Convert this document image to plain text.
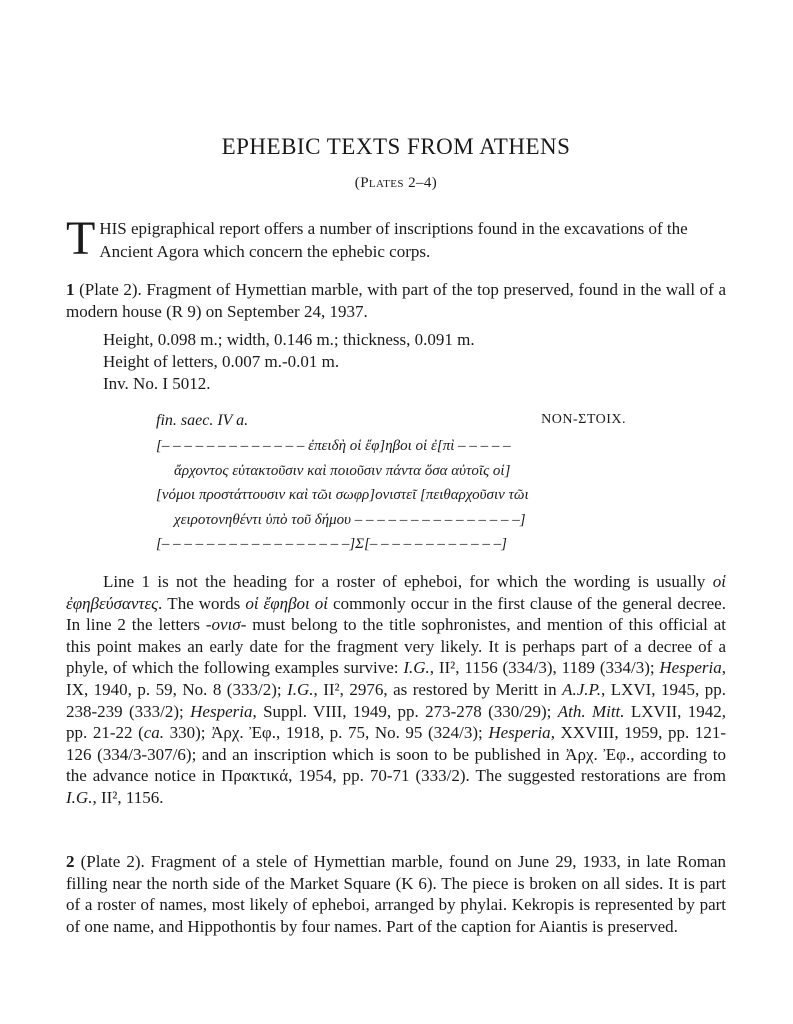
EPHEBIC TEXTS FROM ATHENS
(Plates 2–4)
THIS epigraphical report offers a number of inscriptions found in the excavations of the Ancient Agora which concern the ephebic corps.
1 (Plate 2). Fragment of Hymettian marble, with part of the top preserved, found in the wall of a modern house (R 9) on September 24, 1937.
Height, 0.098 m.; width, 0.146 m.; thickness, 0.091 m.
Height of letters, 0.007 m.-0.01 m.
Inv. No. I 5012.
fin. saec. IV a.	NON-ΣΤΟΙΧ.
[– – – – – – – – – – – – – ἐπειδὴ οἱ ἔφ]ηβοι οἱ ἐ[πὶ – – – – –
ἄρχοντος εὐτακτοῦσιν καὶ ποιοῦσιν πάντα ὅσα αὐτοῖς οἱ]
[νόμοι προστάττουσιν καὶ τῶι σωφρ]ονιστεῖ [πειθαρχοῦσιν τῶι
χειροτονηθέντι ὑπὸ τοῦ δήμου – – – – – – – – – – – – – – –]
[– – – – – – – – – – – – – – – – –]Σ[– – – – – – – – – – – –]
Line 1 is not the heading for a roster of epheboi, for which the wording is usually οἱ ἐφηβεύσαντες. The words οἱ ἔφηβοι οἱ commonly occur in the first clause of the general decree. In line 2 the letters -ονισ- must belong to the title sophronistes, and mention of this official at this point makes an early date for the fragment very likely. It is perhaps part of a decree of a phyle, of which the following examples survive: I.G., II², 1156 (334/3), 1189 (334/3); Hesperia, IX, 1940, p. 59, No. 8 (333/2); I.G., II², 2976, as restored by Meritt in A.J.P., LXVI, 1945, pp. 238-239 (333/2); Hesperia, Suppl. VIII, 1949, pp. 273-278 (330/29); Ath. Mitt. LXVII, 1942, pp. 21-22 (ca. 330); Ἀρχ. Ἐφ., 1918, p. 75, No. 95 (324/3); Hesperia, XXVIII, 1959, pp. 121-126 (334/3-307/6); and an inscription which is soon to be published in Ἀρχ. Ἐφ., according to the advance notice in Πρακτικά, 1954, pp. 70-71 (333/2). The suggested restorations are from I.G., II², 1156.
2 (Plate 2). Fragment of a stele of Hymettian marble, found on June 29, 1933, in late Roman filling near the north side of the Market Square (K 6). The piece is broken on all sides. It is part of a roster of names, most likely of epheboi, arranged by phylai. Kekropis is represented by part of one name, and Hippothontis by four names. Part of the caption for Aiantis is preserved.
